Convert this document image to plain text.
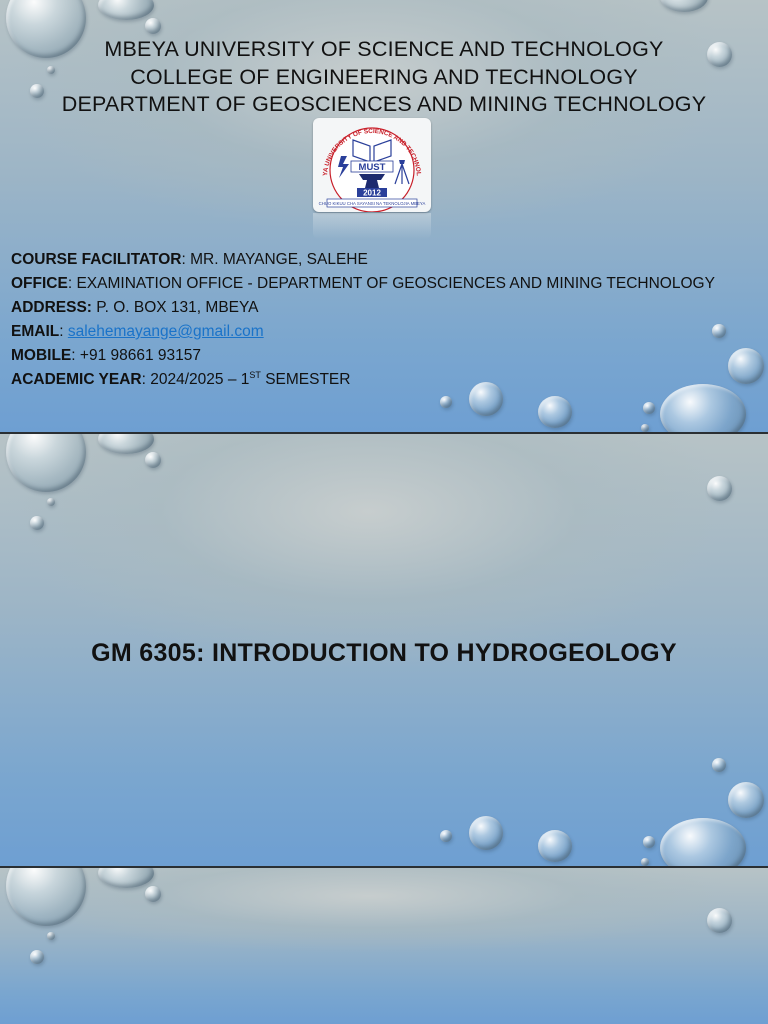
MBEYA UNIVERSITY OF SCIENCE AND TECHNOLOGY
COLLEGE OF ENGINEERING AND TECHNOLOGY
DEPARTMENT OF GEOSCIENCES AND MINING TECHNOLOGY
YA UNIVERSITY OF SCIENCE AND TECHNOL
MUST
2012
CHUO KIKUU CHA SAYANSI NA TEKNOLOJIA MBEYA
COURSE FACILITATOR: MR. MAYANGE, SALEHE
OFFICE: EXAMINATION OFFICE - DEPARTMENT OF GEOSCIENCES AND MINING TECHNOLOGY
ADDRESS: P. O. BOX 131, MBEYA
EMAIL: salehemayange@gmail.com
MOBILE: +91 98661 93157
ACADEMIC YEAR: 2024/2025 – 1ST SEMESTER
GM 6305: INTRODUCTION TO HYDROGEOLOGY
